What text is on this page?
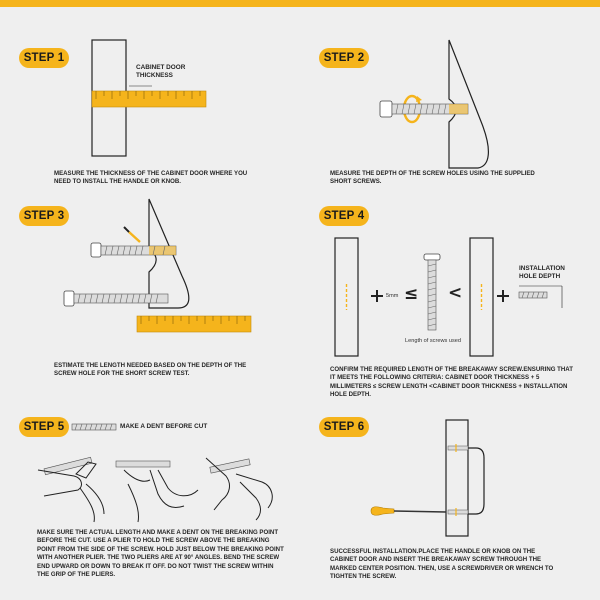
STEP 1
CABINET DOOR THICKNESS
MEASURE THE THICKNESS OF THE CABINET DOOR WHERE YOU NEED TO INSTALL THE HANDLE OR KNOB.
STEP 2
MEASURE THE DEPTH OF THE SCREW HOLES USING THE SUPPLIED SHORT SCREWS.
STEP 3
ESTIMATE THE LENGTH NEEDED BASED ON THE DEPTH OF THE SCREW HOLE FOR THE SHORT SCREW TEST.
STEP 4
≤ <
5mm
Length of screws used
INSTALLATION HOLE DEPTH
CONFIRM THE REQUIRED LENGTH OF THE BREAKAWAY SCREW.ENSURING THAT IT MEETS THE FOLLOWING CRITERIA: CABINET DOOR THICKNESS + 5 MILLIMETERS ≤ SCREW LENGTH <CABINET DOOR THICKNESS + INSTALLATION HOLE DEPTH.
STEP 5	MAKE A DENT BEFORE CUT
MAKE SURE THE ACTUAL LENGTH AND MAKE A DENT ON THE BREAKING POINT BEFORE THE CUT. USE A PLIER TO HOLD THE SCREW ABOVE THE BREAKING POINT FROM THE SIDE OF THE SCREW. HOLD JUST BELOW THE BREAKING POINT WITH ANOTHER PLIER. THE TWO PLIERS ARE AT 90° ANGLES. BEND THE SCREW END UPWARD OR DOWN TO BREAK IT OFF. DO NOT TWIST THE SCREW WITHIN THE GRIP OF THE PLIERS.
STEP 6
SUCCESSFUL INSTALLATION.PLACE THE HANDLE OR KNOB ON THE CABINET DOOR AND INSERT THE BREAKAWAY SCREW THROUGH THE MARKED CENTER POSITION. THEN, USE A SCREWDRIVER OR WRENCH TO TIGHTEN THE SCREW.
